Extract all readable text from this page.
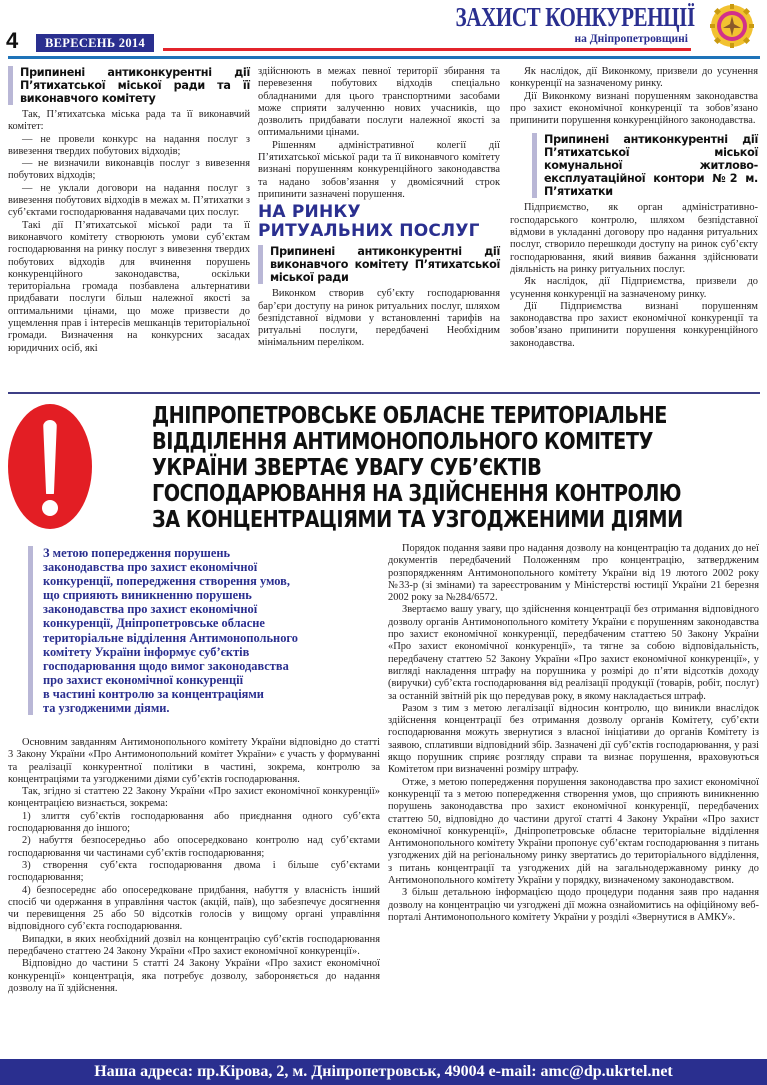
4	ВЕРЕСЕНЬ 2014
ЗАХИСТ КОНКУРЕНЦІЇ
на Дніпропетровщині
Припинені антиконкурентні дії П’ятихатської міської ради та її виконавчого комітету

Так, П’ятихатська міська рада та її виконавчий комітет:

— не провели конкурс на надання послуг з вивезення твердих побутових відходів;

— не визначили виконавців послуг з вивезення побутових відходів;

— не уклали договори на надання послуг з вивезення побутових відходів в межах м. П’ятихатки з суб’єктами господарювання надавачами цих послуг.

Такі дії П’ятихатської міської ради та її виконавчого комітету створюють умови суб’єктам господарювання на ринку послуг з вивезення твердих побутових відходів для вчинення порушень конкуренційного законодавства, оскільки територіальна громада позбавлена альтернативи придбавати послуги більш належної якості за оптимальними цінами, що може призвести до ущемлення прав і інтересів мешканців територіальної громади. Визначення на конкурсних засадах юридичних осіб, які

здійснюють в межах певної території збирання та перевезення побутових відходів спеціально обладнаними для цього транспортними засобами може сприяти залученню нових учасників, що дозволить придбавати послуги належної якості за оптимальними цінами.

Рішенням адміністративної колегії дії П’ятихатської міської ради та її виконавчого комітету визнані порушенням конкуренційного законодавства та надано зобов’язання у двомісячний строк припинити зазначені порушення.

НА РИНКУ
РИТУАЛЬНИХ ПОСЛУГ
Припинені антиконкурентні дії виконавчого комітету П’ятихатської міської ради

Виконком створив суб’єкту господарювання бар’єри доступу на ринок ритуальних послуг, шляхом безпідставної відмови у встановленні тарифів на ритуальні послуги, передбачені Необхідним мінімальним переліком.

Як наслідок, дії Виконкому, призвели до усунення конкуренції на зазначеному ринку.

Дії Виконкому визнані порушенням законодавства про захист економічної конкуренції та зобов’язано припинити порушення конкуренційного законодавства.

Припинені антиконкурентні дії П’ятихатської міської комунальної житлово-експлуатаційної контори №2 м. П’ятихатки

Підприємство, як орган адміністративно-господарського контролю, шляхом безпідставної відмови в укладанні договору про надання ритуальних послуг, створило перешкоди доступу на ринок суб’єкту господарювання, який виявив бажання здійснювати діяльність на ринку ритуальних послуг.

Як наслідок, дії Підприємства, призвели до усунення конкуренції на зазначеному ринку.

Дії Підприємства визнані порушенням законодавства про захист економічної конкуренції та зобов’язано припинити порушення конкуренційного законодавства.

ДНІПРОПЕТРОВСЬКЕ ОБЛАСНЕ ТЕРИТОРІАЛЬНЕ
ВІДДІЛЕННЯ АНТИМОНОПОЛЬНОГО КОМІТЕТУ
УКРАЇНИ ЗВЕРТАЄ УВАГУ СУБ’ЄКТІВ
ГОСПОДАРЮВАННЯ НА ЗДІЙСНЕННЯ КОНТРОЛЮ
ЗА КОНЦЕНТРАЦІЯМИ ТА УЗГОДЖЕНИМИ ДІЯМИ
З метою попередження порушень
законодавства про захист економічної
конкуренції, попередження створення умов,
що сприяють виникненню порушень
законодавства про захист економічної
конкуренції, Дніпропетровське обласне
територіальне відділення Антимонопольного
комітету України інформує суб’єктів
господарювання щодо вимог законодавства
про захист економічної конкуренції
в частині контролю за концентраціями
та узгодженими діями.

Основним завданням Антимонопольного комітету України відповідно до статті 3 Закону України «Про Антимонопольний комітет України» є участь у формуванні та реалізації конкурентної політики в частині, зокрема, контролю за концентраціями та узгодженими діями суб’єктів господарювання.

Так, згідно зі статтею 22 Закону України «Про захист економічної конкуренції» концентрацією визнається, зокрема:

1) злиття суб’єктів господарювання або приєднання одного суб’єкта господарювання до іншого;

2) набуття безпосередньо або опосередковано контролю над суб’єктами господарювання чи частинами суб’єктів господарювання;

3) створення суб’єкта господарювання двома і більше суб’єктами господарювання;

4) безпосереднє або опосередковане придбання, набуття у власність інший спосіб чи одержання в управління часток (акцій, паїв), що забезпечує досягнення чи перевищення 25 або 50 відсотків голосів у вищому органі управління відповідного суб’єкта господарювання.

Випадки, в яких необхідний дозвіл на концентрацію суб’єктів господарювання передбачено статтею 24 Закону України «Про захист економічної конкуренції».

Відповідно до частини 5 статті 24 Закону України «Про захист економічної конкуренції» концентрація, яка потребує дозволу, забороняється до надання дозволу на її здійснення.

Порядок подання заяви про надання дозволу на концентрацію та доданих до неї документів передбачений Положенням про концентрацію, затвердженим розпорядженням Антимонопольного комітету України від 19 лютого 2002 року №33-р (зі змінами) та зареєстрованим у Міністерстві юстиції України 21 березня 2002 року за №284/6572.

Звертаємо вашу увагу, що здійснення концентрації без отримання відповідного дозволу органів Антимонопольного комітету України є порушенням законодавства про захист економічної конкуренції, передбаченим статтею 50 Закону України «Про захист економічної конкуренції», та тягне за собою відповідальність, передбачену статтею 52 Закону України «Про захист економічної конкуренції», у вигляді накладення штрафу на порушника у розмірі до п’яти відсотків доходу (виручки) суб’єкта господарювання від реалізації продукції (товарів, робіт, послуг) за останній звітній рік що передував року, в якому накладається штраф.

Разом з тим з метою легалізації відносин контролю, що виникли внаслідок здійснення концентрації без отримання дозволу органів Комітету, суб’єкти господарювання можуть звернутися з власної ініціативи до органів Комітету із заявою, сплативши відповідний збір. Зазначені дії суб’єктів господарювання, у разі якщо порушник сприяє розгляду справи та визнає порушення, враховуються Комітетом при визначенні розміру штрафу.

Отже, з метою попередження порушення законодавства про захист економічної конкуренції та з метою попередження створення умов, що сприяють виникненню порушень законодавства про захист економічної конкуренції, передбачених статтею 50, відповідно до частини другої статті 4 Закону України «Про захист економічної конкуренції», Дніпропетровське обласне територіальне відділення Антимонопольного комітету України пропонує суб’єктам господарювання з питань узгоджених дій на регіональному ринку звертатись до територіального відділення, з питань концентрації та узгоджених дій на загальнодержавному ринку до Антимонопольного комітету України у порядку, визначеному законодавством.

З більш детальною інформацією щодо процедури подання заяв про надання дозволу на концентрацію чи узгоджені дії можна ознайомитись на офіційному веб-порталі Антимонопольного комітету України у розділі «Звернутися в АМКУ».

Наша адреса: пр.Кірова, 2, м. Дніпропетровськ, 49004 e-mail: amc@dp.ukrtel.net
